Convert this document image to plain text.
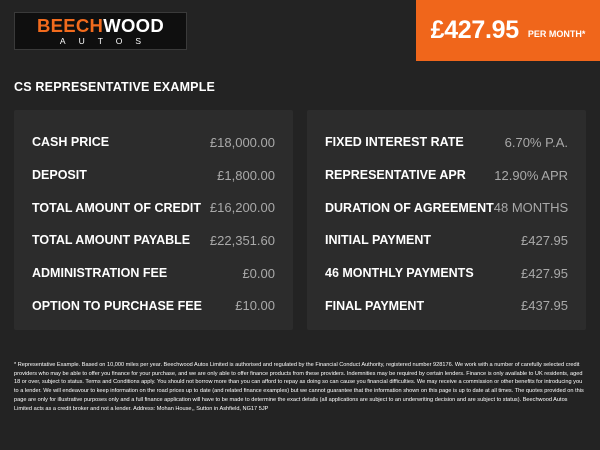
BEECHWOOD
AUTOS	£427.95 PER MONTH*
CS REPRESENTATIVE EXAMPLE
CASH PRICE	£18,000.00
DEPOSIT	£1,800.00
TOTAL AMOUNT OF CREDIT £16,200.00
TOTAL AMOUNT PAYABLE £22,351.60
ADMINISTRATION FEE	£0.00
OPTION TO PURCHASE FEE	£10.00
FIXED INTEREST RATE	6.70% P.A.
REPRESENTATIVE APR 12.90% APR
DURATION OF AGREEMENT 48 MONTHS
INITIAL PAYMENT	£427.95
46 MONTHLY PAYMENTS	£427.95
FINAL PAYMENT	£437.95
* Representative Example. Based on 10,000 miles per year. Beechwood Autos Limited is authorised and regulated by the Financial Conduct Authority, registered number 928176. We work with a number of carefully selected credit providers who may be able to offer you finance for your purchase, and we are only able to offer finance products from these providers. Indemnities may be required by certain lenders. Finance is only available to UK residents, aged 18 or over, subject to status. Terms and Conditions apply. You should not borrow more than you can afford to repay as doing so can cause you financial difficulties. We may receive a commission or other benefits for introducing you to a lender. We will endeavour to keep information on the road prices up to date (and related finance examples) but we cannot guarantee that the information shown on this page is up to date at all times. The quotes provided on this page are only for illustrative purposes only and a full finance application will have to be made to determine the exact details (all applications are subject to an underwriting decision and are subject to status). Beechwood Autos Limited acts as a credit broker and not a lender. Address: Mohan House,, Sutton in Ashfield, NG17 5JP
